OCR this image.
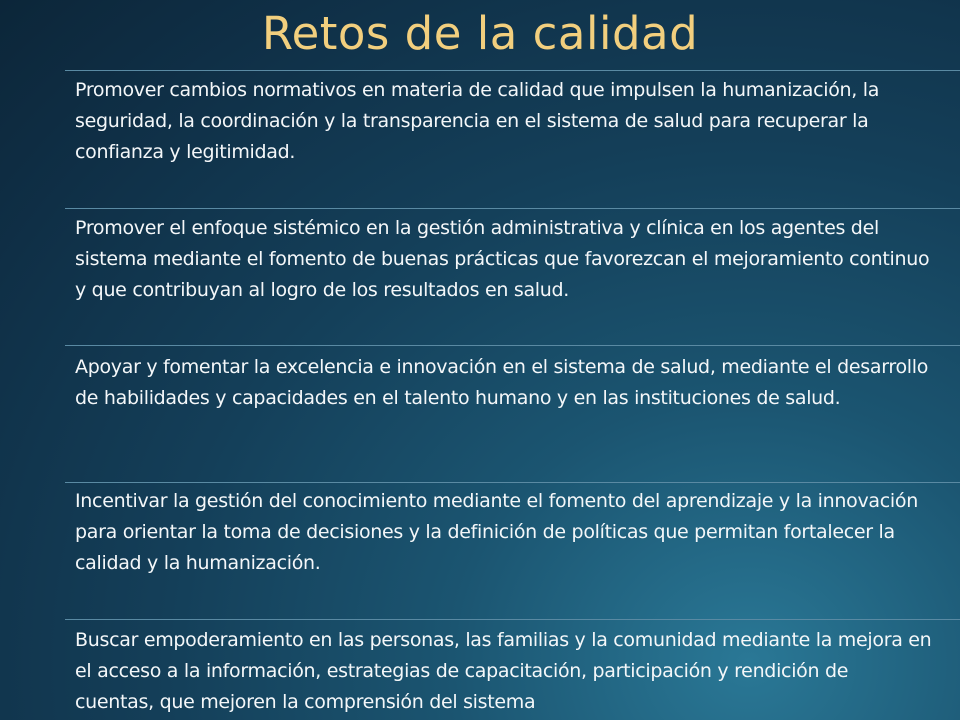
Retos de la calidad
Promover cambios normativos en materia de calidad que impulsen la humanización, la seguridad, la coordinación y la transparencia en el sistema de salud para recuperar la confianza y legitimidad.
Promover el enfoque sistémico en la gestión administrativa y clínica en los agentes del sistema mediante el fomento de buenas prácticas que favorezcan el mejoramiento continuo y que contribuyan al logro de los resultados en salud.
Apoyar y fomentar la excelencia e innovación en el sistema de salud, mediante el desarrollo de habilidades y capacidades en el talento humano y en las instituciones de salud.
Incentivar la gestión del conocimiento mediante el fomento del aprendizaje y la innovación para orientar la toma de decisiones y la definición de políticas que permitan fortalecer la calidad y la humanización.
Buscar empoderamiento en las personas, las familias y la comunidad mediante la mejora en el acceso a la información, estrategias de capacitación, participación y rendición de cuentas, que mejoren la comprensión del sistema
